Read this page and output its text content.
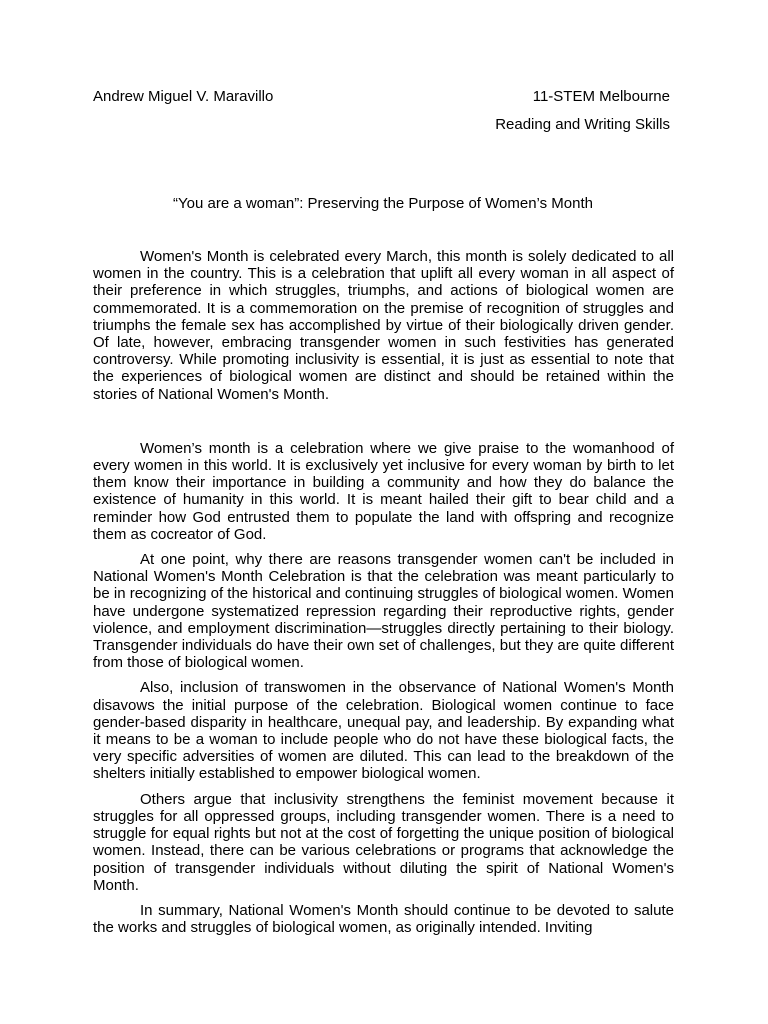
Andrew Miguel V. Maravillo	11-STEM Melbourne
Reading and Writing Skills
“You are a woman”: Preserving the Purpose of Women’s Month

Women's Month is celebrated every March, this month is solely dedicated to all women in the country. This is a celebration that uplift all every woman in all aspect of their preference in which struggles, triumphs, and actions of biological women are commemorated. It is a commemoration on the premise of recognition of struggles and triumphs the female sex has accomplished by virtue of their biologically driven gender. Of late, however, embracing transgender women in such festivities has generated controversy. While promoting inclusivity is essential, it is just as essential to note that the experiences of biological women are distinct and should be retained within the stories of National Women's Month.

Women’s month is a celebration where we give praise to the womanhood of every women in this world. It is exclusively yet inclusive for every woman by birth to let them know their importance in building a community and how they do balance the existence of humanity in this world. It is meant hailed their gift to bear child and a reminder how God entrusted them to populate the land with offspring and recognize them as cocreator of God.

At one point, why there are reasons transgender women can't be included in National Women's Month Celebration is that the celebration was meant particularly to be in recognizing of the historical and continuing struggles of biological women. Women have undergone systematized repression regarding their reproductive rights, gender violence, and employment discrimination—struggles directly pertaining to their biology. Transgender individuals do have their own set of challenges, but they are quite different from those of biological women.

Also, inclusion of transwomen in the observance of National Women's Month disavows the initial purpose of the celebration. Biological women continue to face gender-based disparity in healthcare, unequal pay, and leadership. By expanding what it means to be a woman to include people who do not have these biological facts, the very specific adversities of women are diluted. This can lead to the breakdown of the shelters initially established to empower biological women.

Others argue that inclusivity strengthens the feminist movement because it struggles for all oppressed groups, including transgender women. There is a need to struggle for equal rights but not at the cost of forgetting the unique position of biological women. Instead, there can be various celebrations or programs that acknowledge the position of transgender individuals without diluting the spirit of National Women's Month.

In summary, National Women's Month should continue to be devoted to salute the works and struggles of biological women, as originally intended. Inviting
